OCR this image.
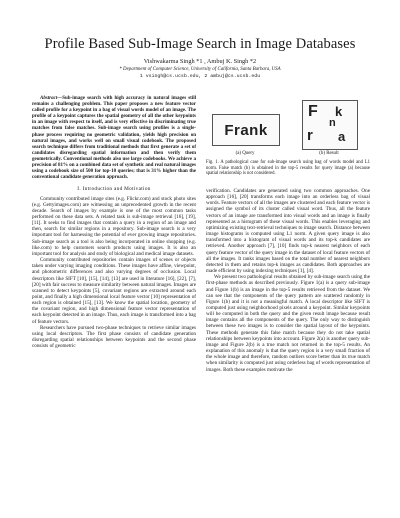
Profile Based Sub-Image Search in Image Databases
Vishwakarma Singh *1 , Ambuj K. Singh *2
* Department of Computer Science, University of California, Santa Barbara, USA
1 vsingh@cs.ucsb.edu, 2 ambuj@cs.ucsb.edu

Abstract—Sub-image search with high accuracy in natural images still remains a challenging problem. This paper proposes a new feature vector called profile for a keypoint in a bag of visual words model of an image. The profile of a keypoint captures the spatial geometry of all the other keypoints in an image with respect to itself, and is very effective in discriminating true matches from false matches. Sub-image search using profiles is a single-phase process requiring no geometric validation, yields high precision on natural images, and works well on small visual codebook. The proposed search technique differs from traditional methods that first generate a set of candidates disregarding spatial information and then verify them geometrically. Conventional methods also use large codebooks. We achieve a precision of 81% on a combined data set of synthetic and real natural images using a codebook size of 500 for top-10 queries; that is 31% higher than the conventional candidate generation approach.

I. Introduction and Motivation

Community contributed image sites (e.g. Flickr.com) and stock photo sites (e.g. Gettyimages.com) are witnessing an unprecedented growth in the recent decade. Search of images by example is one of the most common tasks performed on these data sets. A related task is sub-image retrieval [16], [19], [11]. It seeks to find images that contain a query in a region of an image and then, search for similar regions in a repository. Sub-image search is a very important tool for harnessing the potential of ever growing image repositories. Sub-image search as a tool is also being incorporated in online shopping (e.g. like.com) to help customers search products using images. It is also an important tool for analysis and study of biological and medical image datasets.

Community contributed repositories contain images of scenes or objects taken under varying imaging conditions. These images have affine, viewpoint, and photometric differences and also varying degrees of occlusion. Local descriptors like SIFT [10], [15], [14], [13] are used in literature [16], [22], [7], [20] with fair success to measure similarity between natural images. Images are scanned to detect keypoints [5], covariant regions are extracted around each point, and finally a high dimensional local feature vector [10] representation of each region is obtained [15], [13]. We know the spatial location, geometry of the covariant region, and high dimensional feature vector representation of each keypoint detected in an image. Thus, each image is transformed into a bag of feature vectors.

Researchers have pursued two-phase techniques to retrieve similar images using local descriptors. The first phase consists of candidate generation disregarding spatial relationships between keypoints and the second phase consists of geometric

Frank
F k
n
r a
(a) Query	(b) Result
Fig. 1. A pathological case for sub-image search using bag of words model and L1 norm. False match (b) is obtained in the top-5 results for query image (a) because spatial relationship is not considered.

verification. Candidates are generated using two common approaches. One approach [16], [20] transforms each image into an orderless bag of visual words. Feature vectors of all the images are clustered and each feature vector is assigned the symbol of its cluster called visual word. Thus, all the feature vectors of an image are transformed into visual words and an image is finally represented as a histogram of these visual words. This enables leveraging and optimizing existing text-retrieval techniques to image search. Distance between image histograms is computed using L1 norm. A given query image is also transformed into a histogram of visual words and its top-k candidates are retrieved. Another approach [7], [10] finds top-k nearest neighbors of each query feature vector of the query image in the dataset of local feature vectors of all the images. It ranks images based on the total number of nearest neighbors detected in them and retains top-k images as candidates. Both approaches are made efficient by using indexing techniques [1], [4].

We present two pathological results obtained by sub-image search using the first-phase methods as described previously. Figure 1(a) is a query sub-image and Figure 1(b) is an image in the top-5 results retrieved from the dataset. We can see that the components of the query pattern are scattered randomly in Figure 1(b) and it is not a meaningful match. A local descriptor like SIFT is computed just using neighborhood pixels around a keypoint. Similar keypoints will be computed in both the query and the given result image because result image contains all the components of the query. The only way to distinguish between these two images is to consider the spatial layout of the keypoints. These methods generate this false match because they do not take spatial relationships between keypoints into account. Figure 2(a) is another query sub-image and Figure 2(b) is a true match not returned in the top-5 results. An explanation of this anomaly is that the query region is a very small fraction of the whole image and therefore, random outliers score better than its true match when similarity is computed just using orderless bag of words representation of images. Both these examples motivate the
